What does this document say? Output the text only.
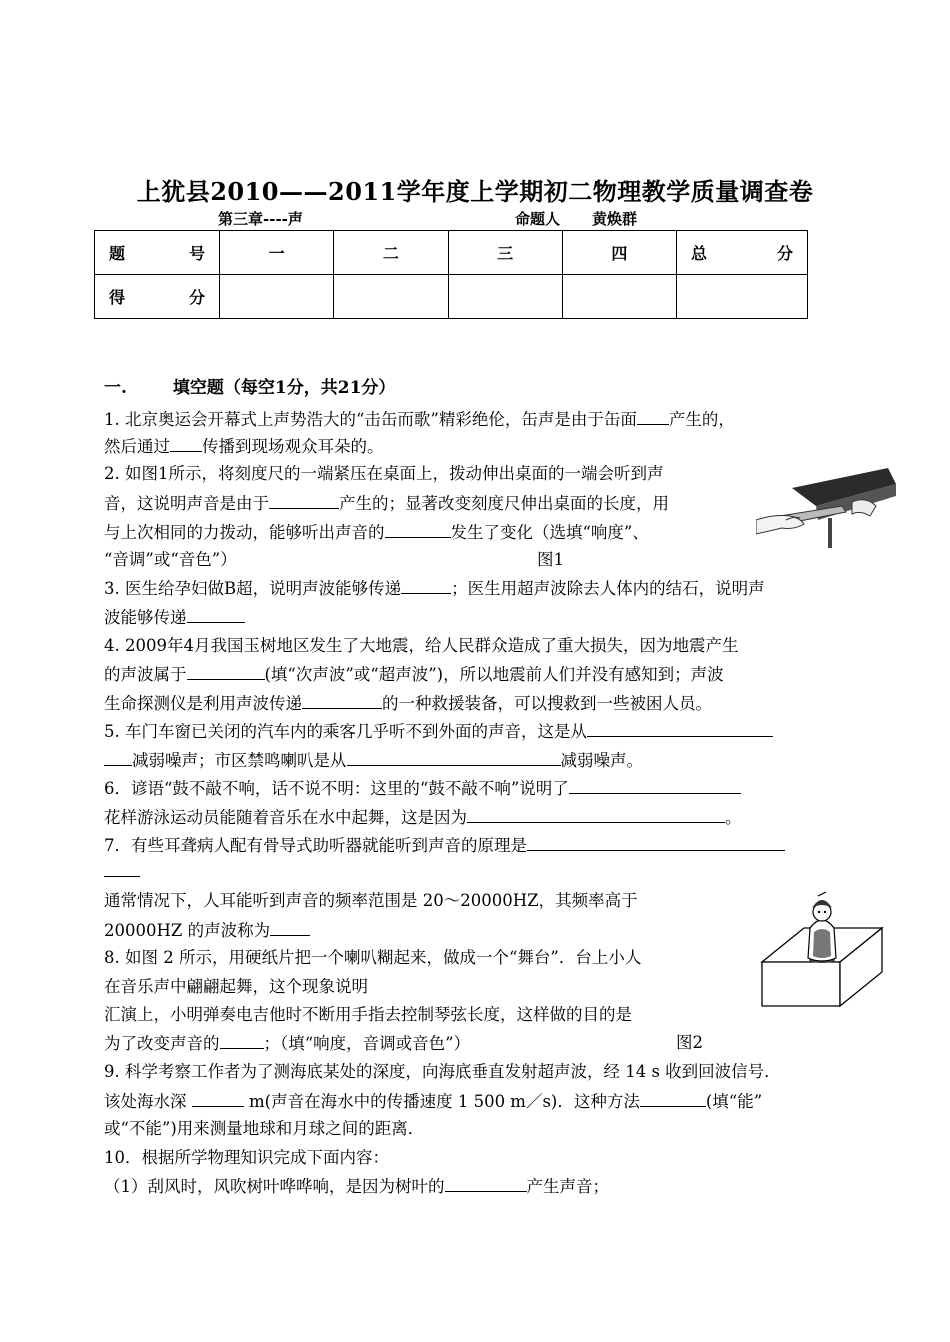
上犹县2010——2011学年度上学期初二物理教学质量调查卷
第三章----声	命题人 黄焕群
题　号	一	二	三	四	总　分
得　分					
一.	填空题（每空1分，共21分）
1. 北京奥运会开幕式上声势浩大的“击缶而歌”精彩绝伦，缶声是由于缶面 产生的，
然后通过 传播到现场观众耳朵的。
2. 如图1所示，将刻度尺的一端紧压在桌面上，拨动伸出桌面的一端会听到声
音，这说明声音是由于	产生的；显著改变刻度尺伸出桌面的长度，用
与上次相同的力拨动，能够听出声音的	发生了变化（选填“响度”、
“音调”或“音色”）	图1
3. 医生给孕妇做B超，说明声波能够传递	；医生用超声波除去人体内的结石，说明声
波能够传递
4. 2009年4月我国玉树地区发生了大地震，给人民群众造成了重大损失，因为地震产生
的声波属于	(填“次声波”或“超声波”)，所以地震前人们并没有感知到；声波
生命探测仪是利用声波传递	的一种救援装备，可以搜救到一些被困人员。
5. 车门车窗已关闭的汽车内的乘客几乎听不到外面的声音，这是从
减弱噪声；市区禁鸣喇叭是从	减弱噪声。
6．谚语“鼓不敲不响，话不说不明：这里的“鼓不敲不响”说明了
花样游泳运动员能随着音乐在水中起舞，这是因为	。
7．有些耳聋病人配有骨导式助听器就能听到声音的原理是
通常情况下，人耳能听到声音的频率范围是 20～20000HZ，其频率高于
20000HZ 的声波称为
8. 如图 2 所示，用硬纸片把一个喇叭糊起来，做成一个“舞台”．台上小人
在音乐声中翩翩起舞，这个现象说明
汇演上，小明弹奏电吉他时不断用手指去控制琴弦长度，这样做的目的是
为了改变声音的	；（填“响度，音调或音色”）	图2
9. 科学考察工作者为了测海底某处的深度，向海底垂直发射超声波，经 14 s 收到回波信号．
该处海水深	m(声音在海水中的传播速度 1 500 m／s)．这种方法	(填“能”
或“不能”)用来测量地球和月球之间的距离．
10．根据所学物理知识完成下面内容：
（1）刮风时，风吹树叶哗哗响，是因为树叶的	产生声音；
